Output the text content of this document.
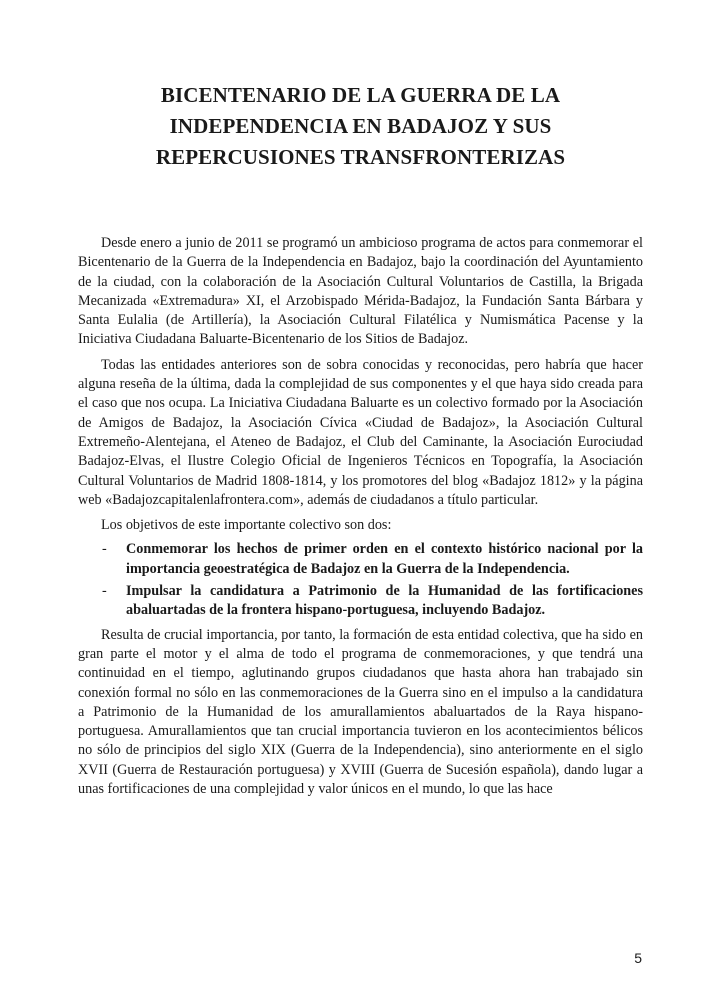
BICENTENARIO DE LA GUERRA DE LA INDEPENDENCIA EN BADAJOZ Y SUS REPERCUSIONES TRANSFRONTERIZAS

Desde enero a junio de 2011 se programó un ambicioso programa de actos para conmemorar el Bicentenario de la Guerra de la Independencia en Badajoz, bajo la coordinación del Ayuntamiento de la ciudad, con la colaboración de la Asociación Cultural Voluntarios de Castilla, la Brigada Mecanizada «Extremadura» XI, el Arzobispado Mérida-Badajoz, la Fundación Santa Bárbara y Santa Eulalia (de Artillería), la Asociación Cultural Filatélica y Numismática Pacense y la Iniciativa Ciudadana Baluarte-Bicentenario de los Sitios de Badajoz.

Todas las entidades anteriores son de sobra conocidas y reconocidas, pero habría que hacer alguna reseña de la última, dada la complejidad de sus componentes y el que haya sido creada para el caso que nos ocupa. La Iniciativa Ciudadana Baluarte es un colectivo formado por la Asociación de Amigos de Badajoz, la Asociación Cívica «Ciudad de Badajoz», la Asociación Cultural Extremeño-Alentejana, el Ateneo de Badajoz, el Club del Caminante, la Asociación Eurociudad Badajoz-Elvas, el Ilustre Colegio Oficial de Ingenieros Técnicos en Topografía, la Asociación Cultural Voluntarios de Madrid 1808-1814, y los promotores del blog «Badajoz 1812» y la página web «Badajozcapitalenlafrontera.com», además de ciudadanos a título particular.

Los objetivos de este importante colectivo son dos:

- Conmemorar los hechos de primer orden en el contexto histórico nacional por la importancia geoestratégica de Badajoz en la Guerra de la Independencia.
- Impulsar la candidatura a Patrimonio de la Humanidad de las fortificaciones abaluartadas de la frontera hispano-portuguesa, incluyendo Badajoz.

Resulta de crucial importancia, por tanto, la formación de esta entidad colectiva, que ha sido en gran parte el motor y el alma de todo el programa de conmemoraciones, y que tendrá una continuidad en el tiempo, aglutinando grupos ciudadanos que hasta ahora han trabajado sin conexión formal no sólo en las conmemoraciones de la Guerra sino en el impulso a la candidatura a Patrimonio de la Humanidad de los amurallamientos abaluartados de la Raya hispano-portuguesa. Amurallamientos que tan crucial importancia tuvieron en los acontecimientos bélicos no sólo de principios del siglo XIX (Guerra de la Independencia), sino anteriormente en el siglo XVII (Guerra de Restauración portuguesa) y XVIII (Guerra de Sucesión española), dando lugar a unas fortificaciones de una complejidad y valor únicos en el mundo, lo que las hace

5
